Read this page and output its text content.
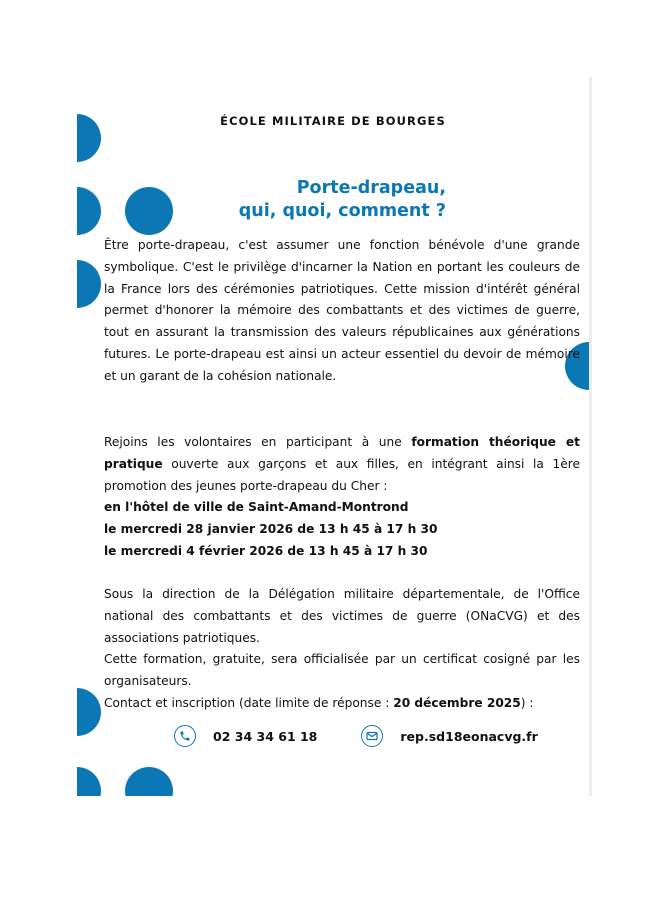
ÉCOLE MILITAIRE DE BOURGES
Porte-drapeau,
qui, quoi, comment ?
Être porte-drapeau, c'est assumer une fonction bénévole d'une grande symbolique. C'est le privilège d'incarner la Nation en portant les couleurs de la France lors des cérémonies patriotiques. Cette mission d'intérêt général permet d'honorer la mémoire des combattants et des victimes de guerre, tout en assurant la transmission des valeurs républicaines aux générations futures. Le porte-drapeau est ainsi un acteur essentiel du devoir de mémoire et un garant de la cohésion nationale.
Rejoins les volontaires en participant à une formation théorique et pratique ouverte aux garçons et aux filles, en intégrant ainsi la 1ère promotion des jeunes porte-drapeau du Cher :
en l'hôtel de ville de Saint-Amand-Montrond
le mercredi 28 janvier 2026 de 13 h 45 à 17 h 30
le mercredi 4 février 2026 de 13 h 45 à 17 h 30
Sous la direction de la Délégation militaire départementale, de l'Office national des combattants et des victimes de guerre (ONaCVG) et des associations patriotiques.
Cette formation, gratuite, sera officialisée par un certificat cosigné par les organisateurs.
Contact et inscription (date limite de réponse : 20 décembre 2025) :
02 34 34 61 18	rep.sd18eonacvg.fr
